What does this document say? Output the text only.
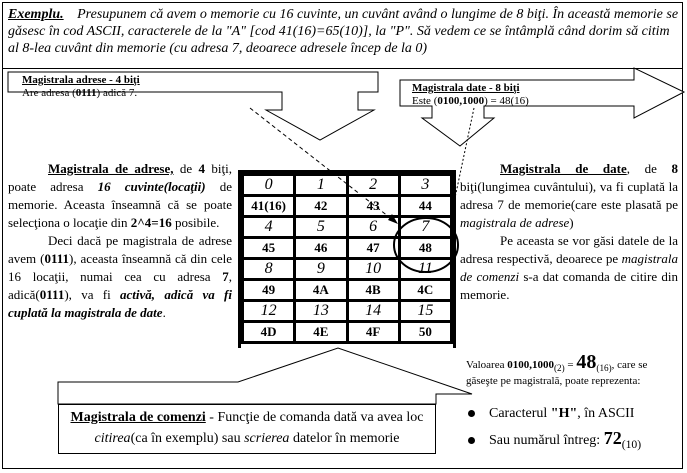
Exemplu. Presupunem că avem o memorie cu 16 cuvinte, un cuvânt având o lungime de 8 biţi. În această memorie se găsesc în cod ASCII, caracterele de la "A" [cod 41(16)=65(10)], la "P". Să vedem ce se întâmplă când dorim să citim al 8-lea cuvânt din memorie (cu adresa 7, deoarece adresele încep de la 0)
Magistrala adrese - 4 biţi
Are adresa (0111) adică 7.	Magistrala date - 8 biţi
Este (0100,1000) = 48(16)

Magistrala de adrese, de 4 biţi, poate adresa 16 cuvinte(locaţii) de memorie. Aceasta înseamnă că se poate selecţiona o locaţie din 2^4=16 posibile.

Deci dacă pe magistrala de adrese avem (0111), aceasta înseamnă că din cele 16 locaţii, numai cea cu adresa 7, adică(0111), va fi activă, adică va fi cuplată la magistrala de date.

Magistrala de date, de 8 biţi(lungimea cuvântului), va fi cuplată la adresa 7 de memorie(care este plasată pe magistrala de adrese)

Pe aceasta se vor găsi datele de la adresa respectivă, deoarece pe magistrala de comenzi s-a dat comanda de citire din memorie.

0	1	2	3
41(16)	42	43	44
4	5	6	7
45	46	47	48
8	9	10	11
49	4A	4B	4C
12	13	14	15
4D	4E	4F	50
Magistrala de comenzi - Funcţie de comanda dată va avea loc citirea(ca în exemplu) sau scrierea datelor în memorie
Valoarea $0100,1000_{(2)} = 48_{(16)}$, care se găseşte pe magistrală, poate reprezenta:
Caracterul "H", în ASCII
Sau numărul întreg: $72_{(10)}$
